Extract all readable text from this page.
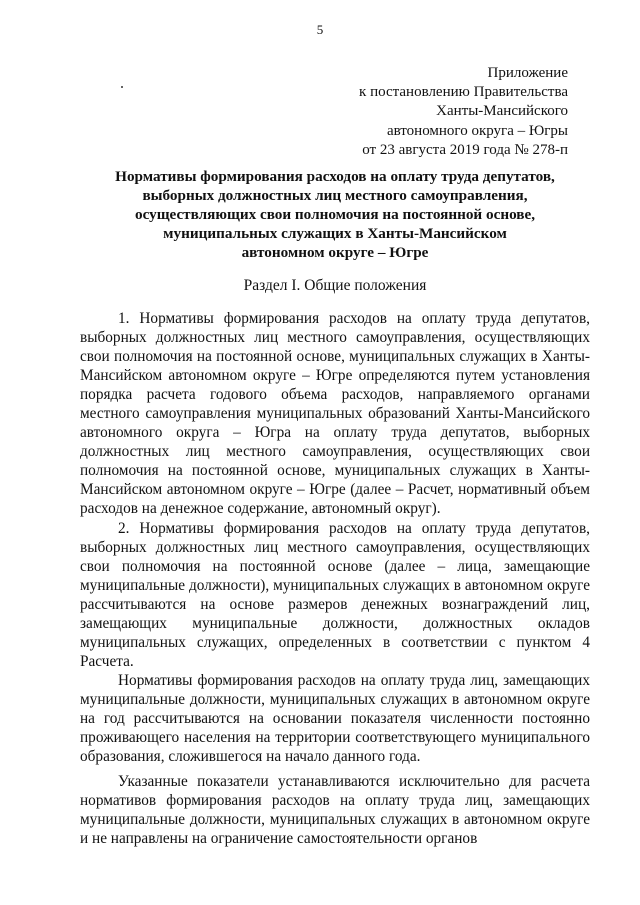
5
Приложение
к постановлению Правительства
Ханты-Мансийского
автономного округа – Югры
от 23 августа 2019 года № 278-п
Нормативы формирования расходов на оплату труда депутатов,
выборных должностных лиц местного самоуправления,
осуществляющих свои полномочия на постоянной основе,
муниципальных служащих в Ханты-Мансийском
автономном округе – Югре
Раздел I. Общие положения

1. Нормативы формирования расходов на оплату труда депутатов, выборных должностных лиц местного самоуправления, осуществляющих свои полномочия на постоянной основе, муниципальных служащих в Ханты-Мансийском автономном округе – Югре определяются путем установления порядка расчета годового объема расходов, направляемого органами местного самоуправления муниципальных образований Ханты-Мансийского автономного округа – Югра на оплату труда депутатов, выборных должностных лиц местного самоуправления, осуществляющих свои полномочия на постоянной основе, муниципальных служащих в Ханты-Мансийском автономном округе – Югре (далее – Расчет, нормативный объем расходов на денежное содержание, автономный округ).

2. Нормативы формирования расходов на оплату труда депутатов, выборных должностных лиц местного самоуправления, осуществляющих свои полномочия на постоянной основе (далее – лица, замещающие муниципальные должности), муниципальных служащих в автономном округе рассчитываются на основе размеров денежных вознаграждений лиц, замещающих муниципальные должности, должностных окладов муниципальных служащих, определенных в соответствии с пунктом 4 Расчета.

Нормативы формирования расходов на оплату труда лиц, замещающих муниципальные должности, муниципальных служащих в автономном округе на год рассчитываются на основании показателя численности постоянно проживающего населения на территории соответствующего муниципального образования, сложившегося на начало данного года.

Указанные показатели устанавливаются исключительно для расчета нормативов формирования расходов на оплату труда лиц, замещающих муниципальные должности, муниципальных служащих в автономном округе и не направлены на ограничение самостоятельности органов
